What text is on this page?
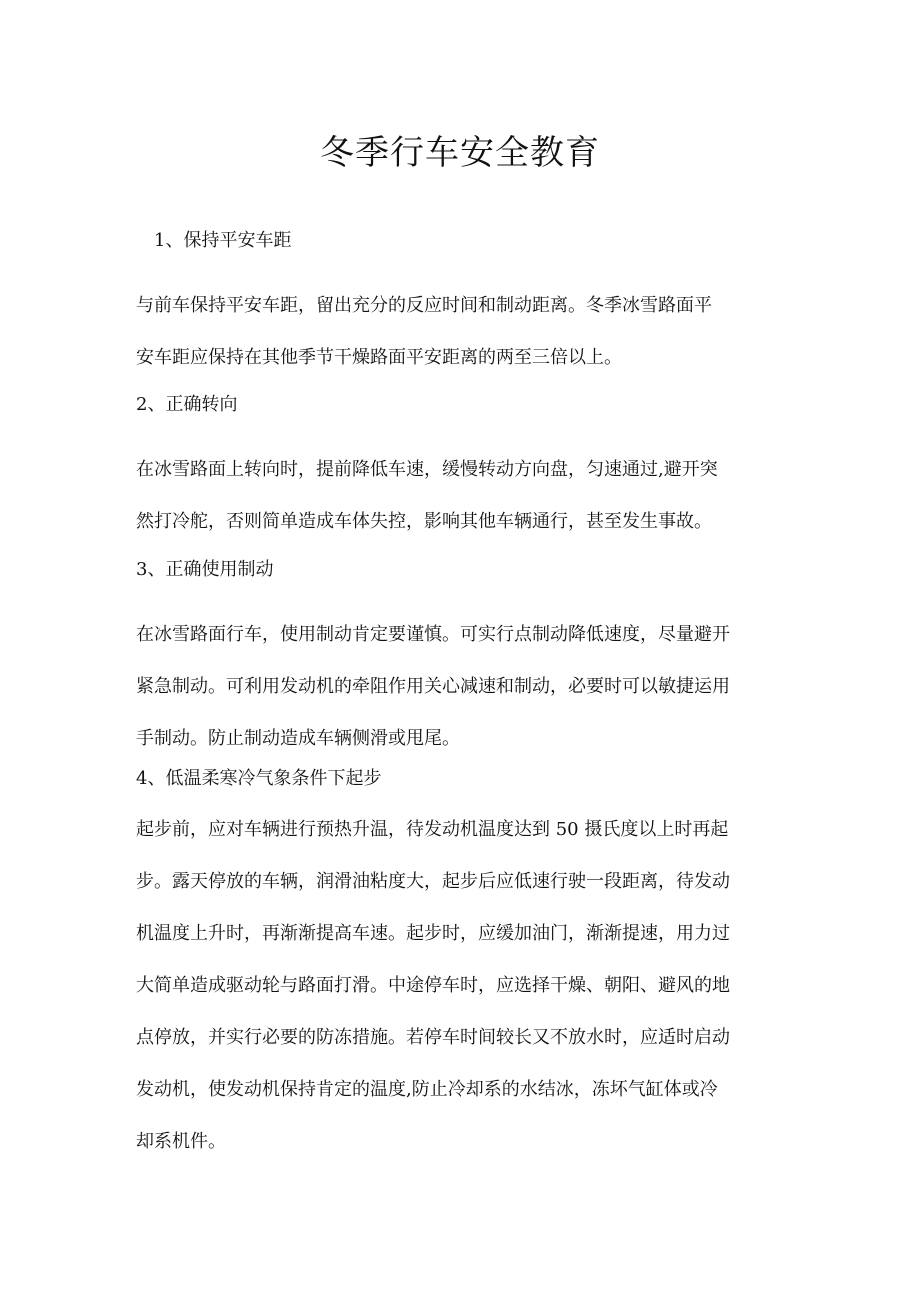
冬季行车安全教育
1、保持平安车距
与前车保持平安车距，留出充分的反应时间和制动距离。冬季冰雪路面平
安车距应保持在其他季节干燥路面平安距离的两至三倍以上。
2、正确转向
在冰雪路面上转向时，提前降低车速，缓慢转动方向盘，匀速通过,避开突
然打冷舵，否则简单造成车体失控，影响其他车辆通行，甚至发生事故。
3、正确使用制动
在冰雪路面行车，使用制动肯定要谨慎。可实行点制动降低速度，尽量避开
紧急制动。可利用发动机的牵阻作用关心减速和制动，必要时可以敏捷运用
手制动。防止制动造成车辆侧滑或甩尾。
4、低温柔寒冷气象条件下起步
起步前，应对车辆进行预热升温，待发动机温度达到 50 摄氏度以上时再起
步。露天停放的车辆，润滑油粘度大，起步后应低速行驶一段距离，待发动
机温度上升时，再渐渐提高车速。起步时，应缓加油门，渐渐提速，用力过
大简单造成驱动轮与路面打滑。中途停车时，应选择干燥、朝阳、避风的地
点停放，并实行必要的防冻措施。若停车时间较长又不放水时，应适时启动
发动机，使发动机保持肯定的温度,防止冷却系的水结冰，冻坏气缸体或冷
却系机件。
